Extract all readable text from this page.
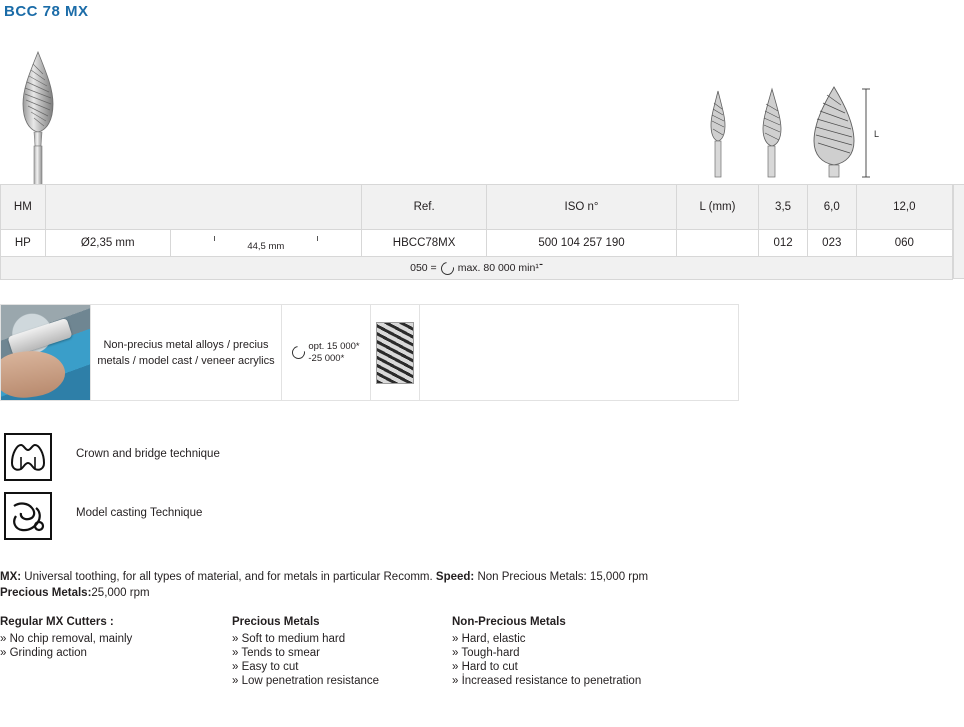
BCC 78 MX
L
HM		Ref.	ISO n°	L (mm)	3,5	6,0	12,0
HP	Ø2,35 mm 44,5 mm	HBCC78MX	500 104 257 190		012	023	060

050 = max. 80 000 min־¹							
Non-precius metal alloys / precius metals / model cast / veneer acrylics
opt. 15 000*
-25 000*
Crown and bridge technique
Model casting Technique
MX: Universal toothing, for all types of material, and for metals in particular Recomm. Speed: Non Precious Metals: 15,000 rpm
Precious Metals:25,000 rpm
Regular MX Cutters :
» No chip removal, mainly
» Grinding action
Precious Metals
» Soft to medium hard
» Tends to smear
» Easy to cut
» Low penetration resistance
Non-Precious Metals
» Hard, elastic
» Tough-hard
» Hard to cut
» İncreased resistance to penetration
